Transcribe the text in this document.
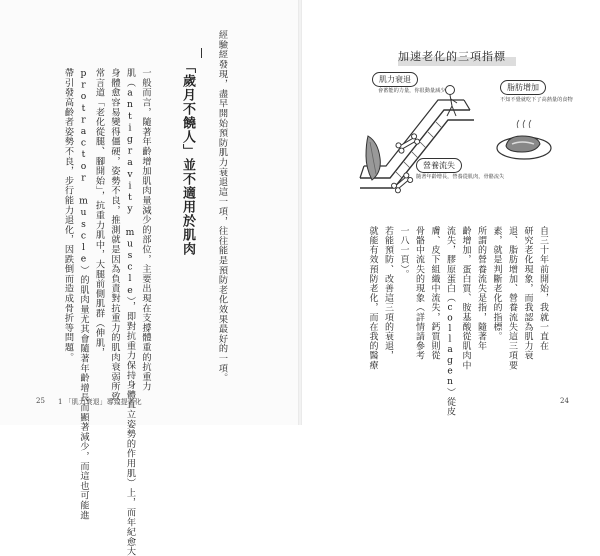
經驗經發現，盡早開始預防肌力衰退這一項，往往能是預防老化效果最好的一項。
「歲月不饒人」並不適用於肌肉
一般而言，隨著年齡增加肌肉量減少的部位，主要出現在支撐體重的抗重力
肌（antigravity muscle），即對抗重力保持身體直立姿勢的作用肌）上，而年紀愈大
身體愈容易變得僵硬，姿勢不良，推測就是因為負責對抗重力的肌肉衰弱所致。
常言道「老化從腿、腳開始」，抗重力肌中，大腿前側肌群（伸肌，
protractor muscle）的肌肉量尤其會隨著年齡增長而顯著減少，而這也可能進
帶引發高齡者姿勢不良，步行能力退化，因跌倒而造成骨折等問題。
25 1 「肌力衰退」導致提老化
加速老化的三項指標
肌力衰退
會蓄能的力量，你很動量減少	脂肪增加
不知不覺就吃下了高熱量的食物
營養流失
隨著年齡增長，營養從肌肉，骨骼流失
自三十年前開始，我就一直在
研究老化現象，而我認為肌力衰
退、脂肪增加、營養流失這三項要
素，就是判斷老化的指標。
所謂的營養流失是指，隨著年
齡增加，蛋白質、胺基酸從肌肉中
流失，膠原蛋白（collagen）從皮
膚、皮下組織中流失，鈣質則從
骨骼中流失的現象（詳情請參考
一八一頁）。
若能預防、改善這三項的衰退，
就能有效預防老化，而在我的醫療
24
